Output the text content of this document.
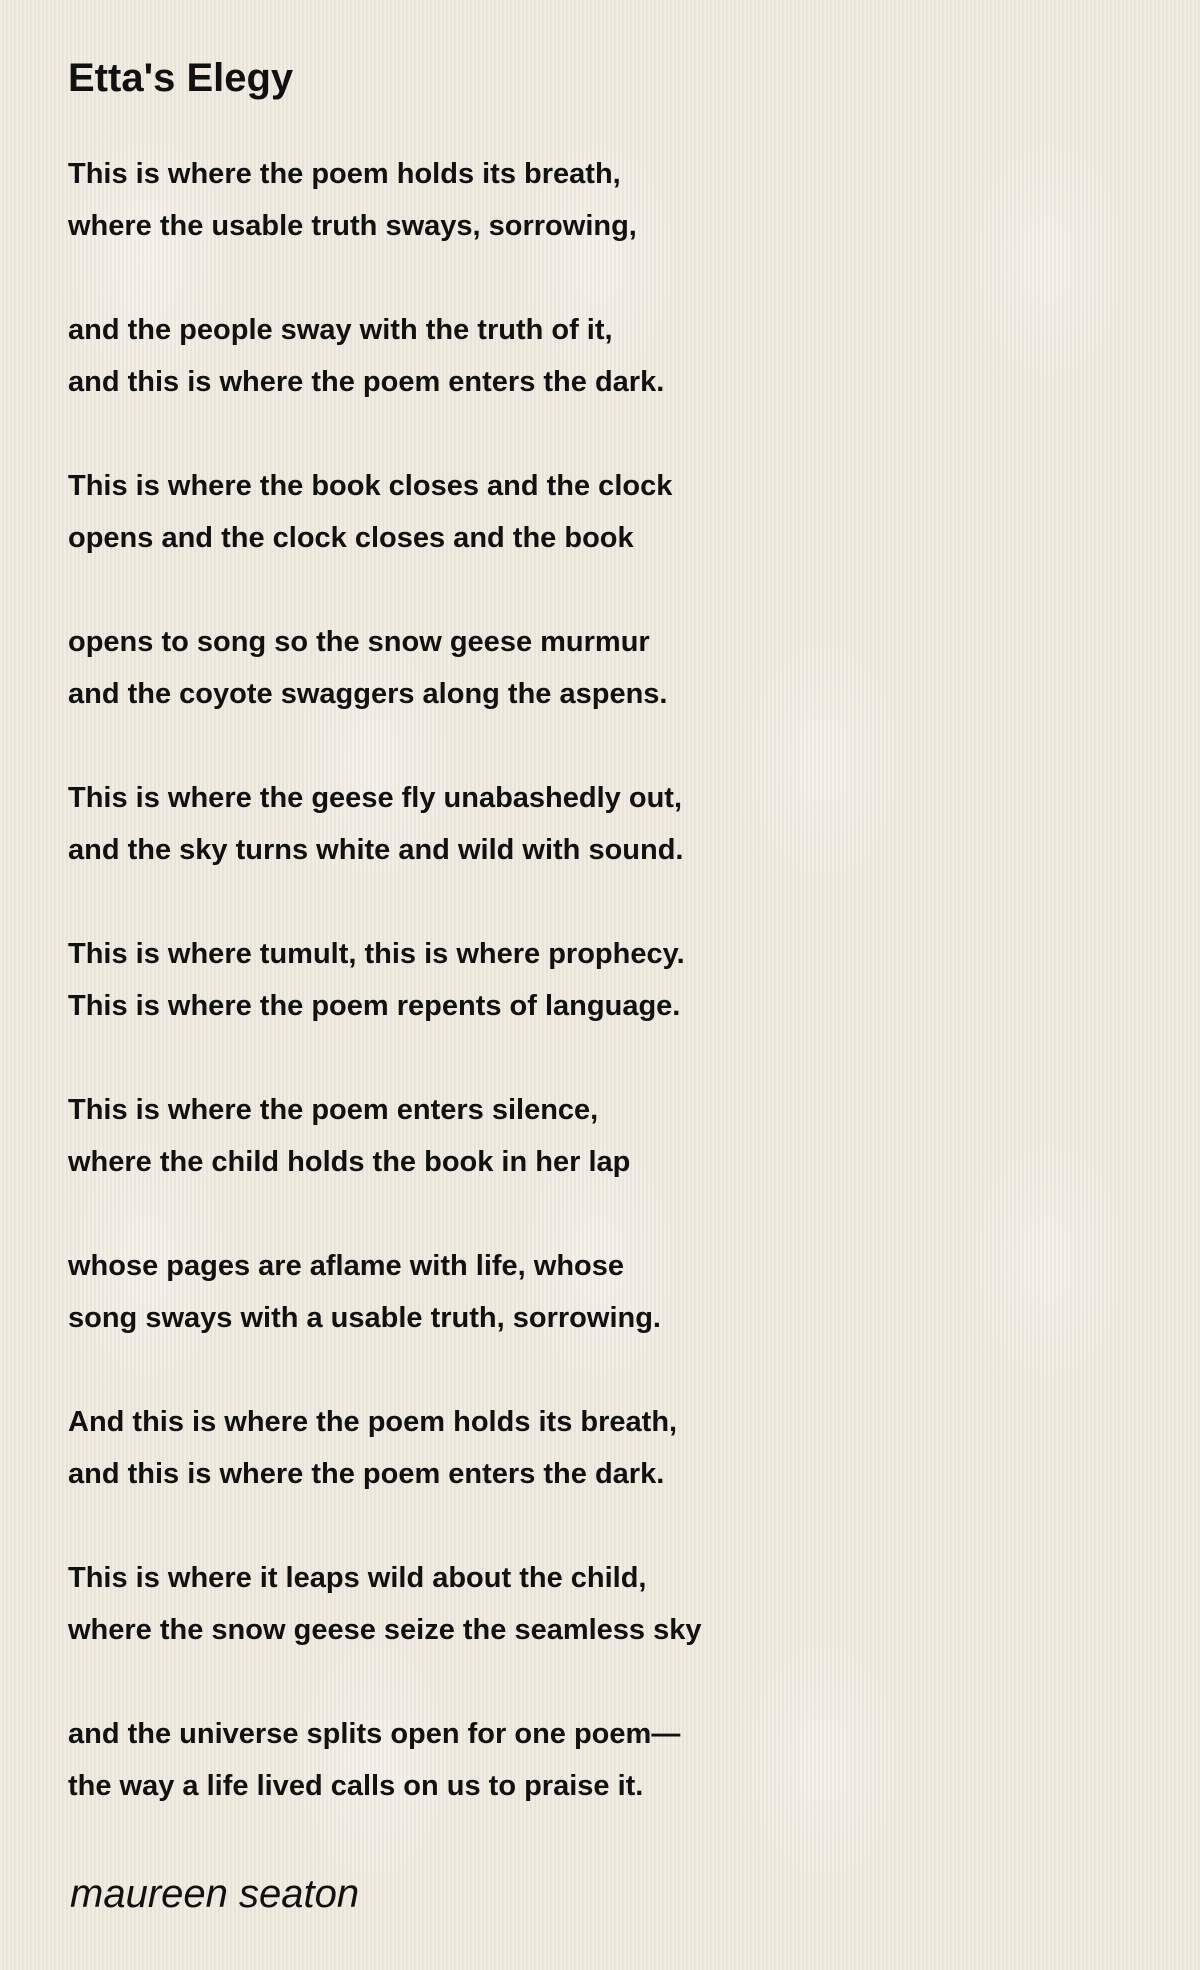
Etta's Elegy
This is where the poem holds its breath,
where the usable truth sways, sorrowing,
and the people sway with the truth of it,
and this is where the poem enters the dark.
This is where the book closes and the clock
opens and the clock closes and the book
opens to song so the snow geese murmur
and the coyote swaggers along the aspens.
This is where the geese fly unabashedly out,
and the sky turns white and wild with sound.
This is where tumult, this is where prophecy.
This is where the poem repents of language.
This is where the poem enters silence,
where the child holds the book in her lap
whose pages are aflame with life, whose
song sways with a usable truth, sorrowing.
And this is where the poem holds its breath,
and this is where the poem enters the dark.
This is where it leaps wild about the child,
where the snow geese seize the seamless sky
and the universe splits open for one poem—
the way a life lived calls on us to praise it.

maureen seaton
